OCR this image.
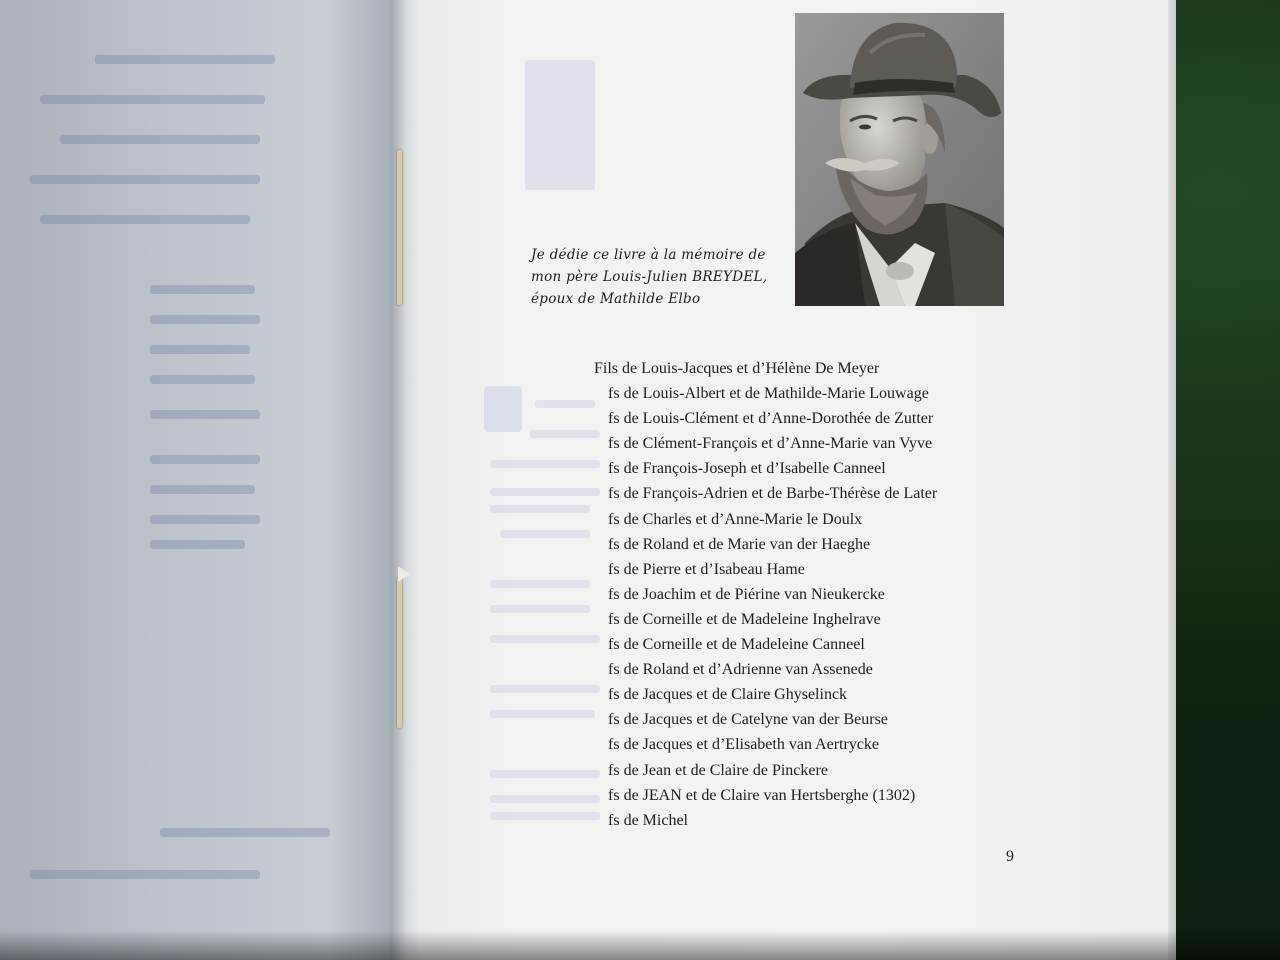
Je dédie ce livre à la mémoire de
mon père Louis-Julien BREYDEL,
époux de Mathilde Elbo
Fils de Louis-Jacques et d’Hélène De Meyer
fs de Louis-Albert et de Mathilde-Marie Louwage
fs de Louis-Clément et d’Anne-Dorothée de Zutter
fs de Clément-François et d’Anne-Marie van Vyve
fs de François-Joseph et d’Isabelle Canneel
fs de François-Adrien et de Barbe-Thérèse de Later
fs de Charles et d’Anne-Marie le Doulx
fs de Roland et de Marie van der Haeghe
fs de Pierre et d’Isabeau Hame
fs de Joachim et de Piérine van Nieukercke
fs de Corneille et de Madeleine Inghelrave
fs de Corneille et de Madeleine Canneel
fs de Roland et d’Adrienne van Assenede
fs de Jacques et de Claire Ghyselinck
fs de Jacques et de Catelyne van der Beurse
fs de Jacques et d’Elisabeth van Aertrycke
fs de Jean et de Claire de Pinckere
fs de JEAN et de Claire van Hertsberghe (1302)
fs de Michel
9
